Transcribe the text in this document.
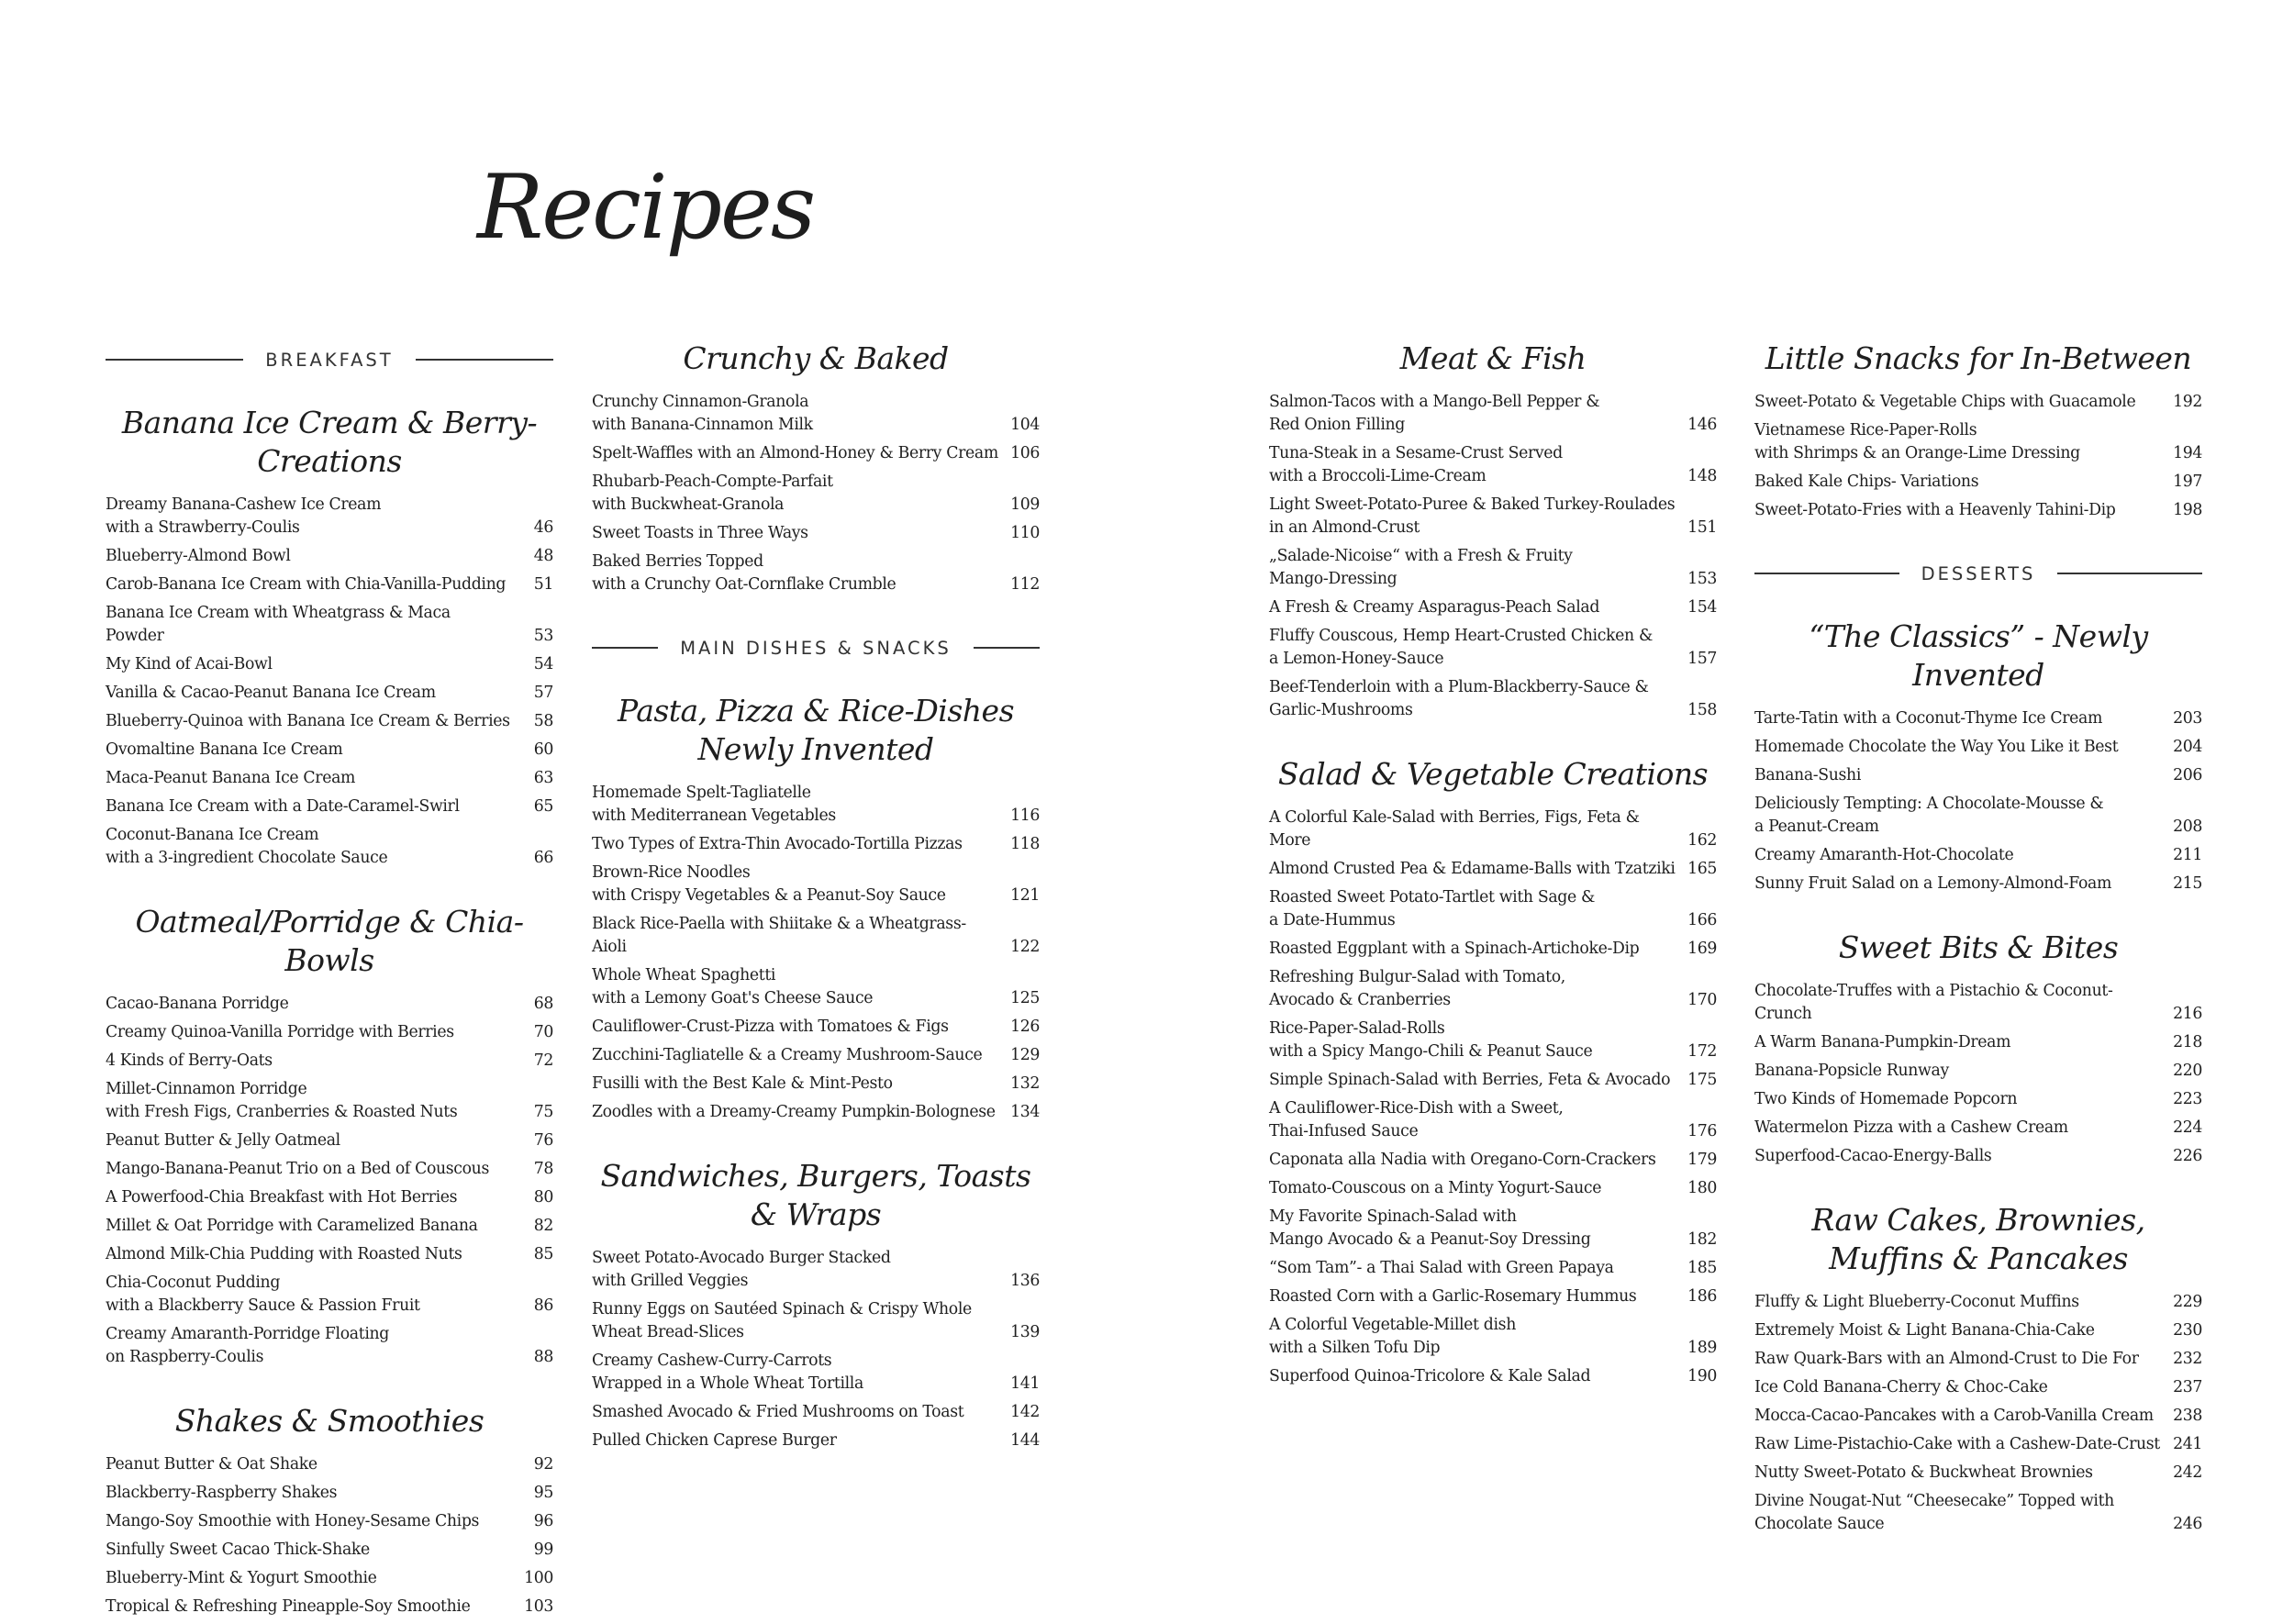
Recipes
BREAKFAST
Banana Ice Cream & Berry-Creations
Dreamy Banana-Cashew Ice Cream
with a Strawberry-Coulis	46
Blueberry-Almond Bowl	48
Carob-Banana Ice Cream with Chia-Vanilla-Pudding	51
Banana Ice Cream with Wheatgrass & Maca Powder	53
My Kind of Acai-Bowl	54
Vanilla & Cacao-Peanut Banana Ice Cream	57
Blueberry-Quinoa with Banana Ice Cream & Berries	58
Ovomaltine Banana Ice Cream	60
Maca-Peanut Banana Ice Cream	63
Banana Ice Cream with a Date-Caramel-Swirl	65
Coconut-Banana Ice Cream
with a 3-ingredient Chocolate Sauce	66
Oatmeal/Porridge & Chia-Bowls
Cacao-Banana Porridge	68
Creamy Quinoa-Vanilla Porridge with Berries	70
4 Kinds of Berry-Oats	72
Millet-Cinnamon Porridge
with Fresh Figs, Cranberries & Roasted Nuts	75
Peanut Butter & Jelly Oatmeal	76
Mango-Banana-Peanut Trio on a Bed of Couscous	78
A Powerfood-Chia Breakfast with Hot Berries	80
Millet & Oat Porridge with Caramelized Banana	82
Almond Milk-Chia Pudding with Roasted Nuts	85
Chia-Coconut Pudding
with a Blackberry Sauce & Passion Fruit	86
Creamy Amaranth-Porridge Floating
on Raspberry-Coulis	88
Shakes & Smoothies
Peanut Butter & Oat Shake	92
Blackberry-Raspberry Shakes	95
Mango-Soy Smoothie with Honey-Sesame Chips	96
Sinfully Sweet Cacao Thick-Shake	99
Blueberry-Mint & Yogurt Smoothie	100
Tropical & Refreshing Pineapple-Soy Smoothie	103
Crunchy & Baked
Crunchy Cinnamon-Granola
with Banana-Cinnamon Milk	104
Spelt-Waffles with an Almond-Honey & Berry Cream 106
Rhubarb-Peach-Compte-Parfait
with Buckwheat-Granola	109
Sweet Toasts in Three Ways	110
Baked Berries Topped
with a Crunchy Oat-Cornflake Crumble	112
MAIN DISHES & SNACKS
Pasta, Pizza & Rice-Dishes
Newly Invented
Homemade Spelt-Tagliatelle
with Mediterranean Vegetables	116
Two Types of Extra-Thin Avocado-Tortilla Pizzas	118
Brown-Rice Noodles
with Crispy Vegetables & a Peanut-Soy Sauce	121
Black Rice-Paella with Shiitake & a Wheatgrass-Aioli	122
Whole Wheat Spaghetti
with a Lemony Goat's Cheese Sauce	125
Cauliflower-Crust-Pizza with Tomatoes & Figs	126
Zucchini-Tagliatelle & a Creamy Mushroom-Sauce	129
Fusilli with the Best Kale & Mint-Pesto	132
Zoodles with a Dreamy-Creamy Pumpkin-Bolognese 134
Sandwiches, Burgers, Toasts & Wraps
Sweet Potato-Avocado Burger Stacked
with Grilled Veggies	136
Runny Eggs on Sautéed Spinach & Crispy Whole
Wheat Bread-Slices	139
Creamy Cashew-Curry-Carrots
Wrapped in a Whole Wheat Tortilla	141
Smashed Avocado & Fried Mushrooms on Toast	142
Pulled Chicken Caprese Burger	144
Meat & Fish
Salmon-Tacos with a Mango-Bell Pepper &
Red Onion Filling	146
Tuna-Steak in a Sesame-Crust Served
with a Broccoli-Lime-Cream	148
Light Sweet-Potato-Puree & Baked Turkey-Roulades
in an Almond-Crust	151
„Salade-Nicoise“ with a Fresh & Fruity
Mango-Dressing	153
A Fresh & Creamy Asparagus-Peach Salad	154
Fluffy Couscous, Hemp Heart-Crusted Chicken &
a Lemon-Honey-Sauce	157
Beef-Tenderloin with a Plum-Blackberry-Sauce &
Garlic-Mushrooms	158
Salad & Vegetable Creations
A Colorful Kale-Salad with Berries, Figs, Feta & More	162
Almond Crusted Pea & Edamame-Balls with Tzatziki 165
Roasted Sweet Potato-Tartlet with Sage &
a Date-Hummus	166
Roasted Eggplant with a Spinach-Artichoke-Dip	169
Refreshing Bulgur-Salad with Tomato,
Avocado & Cranberries	170
Rice-Paper-Salad-Rolls
with a Spicy Mango-Chili & Peanut Sauce	172
Simple Spinach-Salad with Berries, Feta & Avocado	175
A Cauliflower-Rice-Dish with a Sweet,
Thai-Infused Sauce	176
Caponata alla Nadia with Oregano-Corn-Crackers	179
Tomato-Couscous on a Minty Yogurt-Sauce	180
My Favorite Spinach-Salad with
Mango Avocado & a Peanut-Soy Dressing	182
“Som Tam”- a Thai Salad with Green Papaya	185
Roasted Corn with a Garlic-Rosemary Hummus	186
A Colorful Vegetable-Millet dish
with a Silken Tofu Dip	189
Superfood Quinoa-Tricolore & Kale Salad	190
Little Snacks for In-Between
Sweet-Potato & Vegetable Chips with Guacamole	192
Vietnamese Rice-Paper-Rolls
with Shrimps & an Orange-Lime Dressing	194
Baked Kale Chips- Variations	197
Sweet-Potato-Fries with a Heavenly Tahini-Dip	198
DESSERTS
“The Classics” - Newly Invented
Tarte-Tatin with a Coconut-Thyme Ice Cream	203
Homemade Chocolate the Way You Like it Best	204
Banana-Sushi	206
Deliciously Tempting: A Chocolate-Mousse &
a Peanut-Cream	208
Creamy Amaranth-Hot-Chocolate	211
Sunny Fruit Salad on a Lemony-Almond-Foam	215
Sweet Bits & Bites
Chocolate-Truffes with a Pistachio & Coconut-Crunch	216
A Warm Banana-Pumpkin-Dream	218
Banana-Popsicle Runway	220
Two Kinds of Homemade Popcorn	223
Watermelon Pizza with a Cashew Cream	224
Superfood-Cacao-Energy-Balls	226
Raw Cakes, Brownies,
Muffins & Pancakes
Fluffy & Light Blueberry-Coconut Muffins	229
Extremely Moist & Light Banana-Chia-Cake	230
Raw Quark-Bars with an Almond-Crust to Die For	232
Ice Cold Banana-Cherry & Choc-Cake	237
Mocca-Cacao-Pancakes with a Carob-Vanilla Cream	238
Raw Lime-Pistachio-Cake with a Cashew-Date-Crust 241
Nutty Sweet-Potato & Buckwheat Brownies	242
Divine Nougat-Nut “Cheesecake” Topped with
Chocolate Sauce	246
